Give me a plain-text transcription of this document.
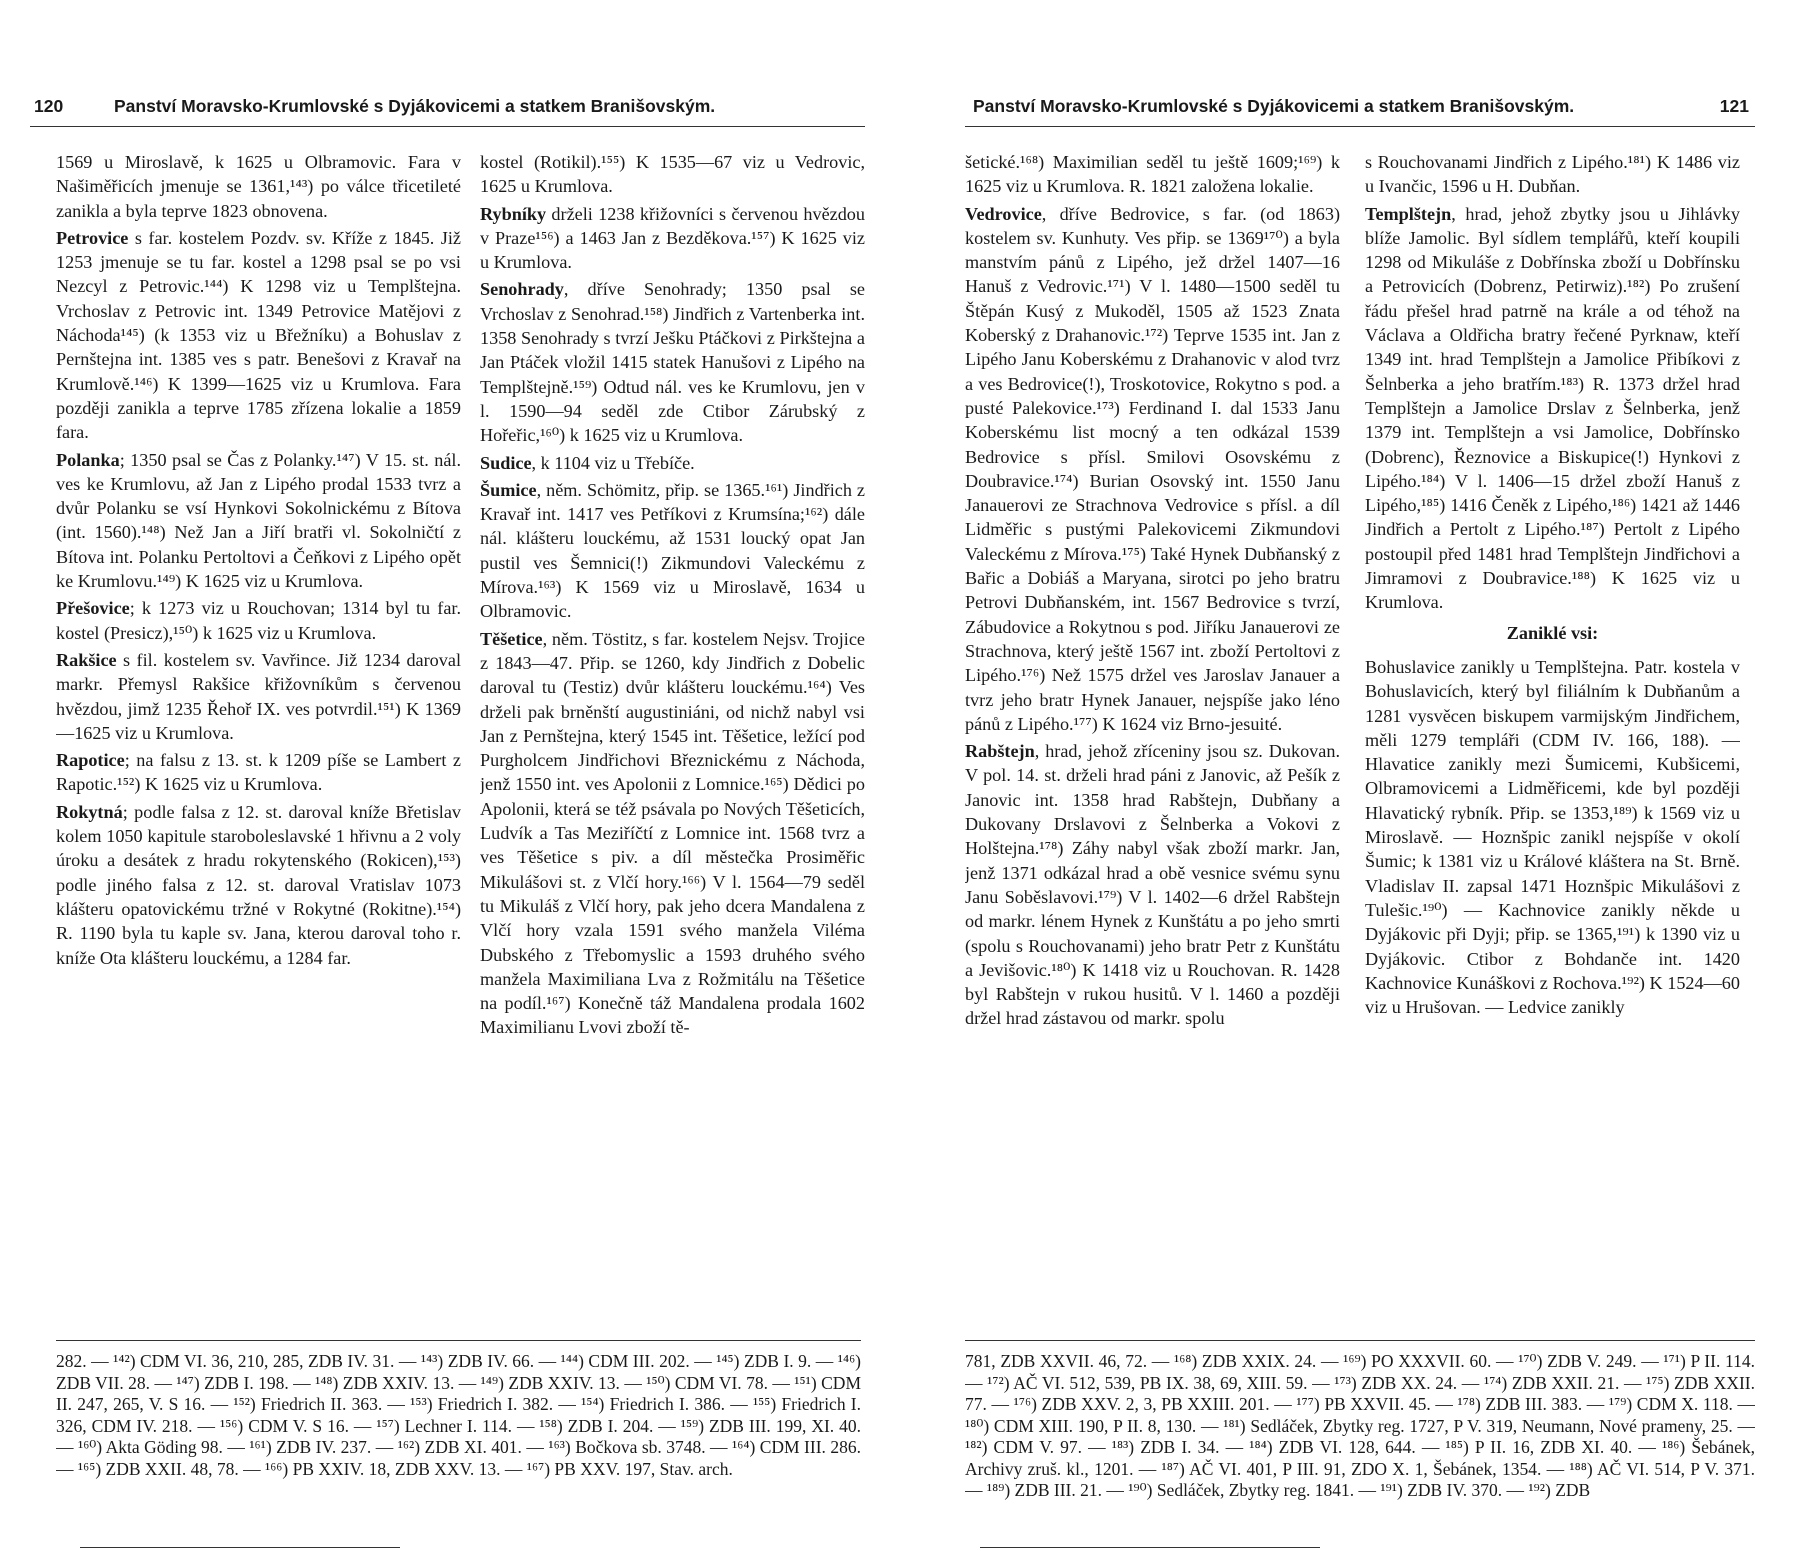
120	Panství Moravsko-Krumlovské s Dyjákovicemi a statkem Branišovským.

1569 u Miroslavě, k 1625 u Olbramovic. Fara v Našiměřicích jmenuje se 1361,¹⁴³) po válce třicetileté zanikla a byla teprve 1823 obnovena.

Petrovice s far. kostelem Pozdv. sv. Kříže z 1845. Již 1253 jmenuje se tu far. kostel a 1298 psal se po vsi Nezcyl z Petrovic.¹⁴⁴) K 1298 viz u Templštejna. Vrchoslav z Petrovic int. 1349 Petrovice Matějovi z Náchoda¹⁴⁵) (k 1353 viz u Břežníku) a Bohuslav z Pernštejna int. 1385 ves s patr. Benešovi z Kravař na Krumlově.¹⁴⁶) K 1399—1625 viz u Krumlova. Fara později zanikla a teprve 1785 zřízena lokalie a 1859 fara.

Polanka; 1350 psal se Čas z Polanky.¹⁴⁷) V 15. st. nál. ves ke Krumlovu, až Jan z Lipého prodal 1533 tvrz a dvůr Polanku se vsí Hynkovi Sokolnickému z Bítova (int. 1560).¹⁴⁸) Než Jan a Jiří bratři vl. Sokolničtí z Bítova int. Polanku Pertoltovi a Čeňkovi z Lipého opět ke Krumlovu.¹⁴⁹) K 1625 viz u Krumlova.

Přešovice; k 1273 viz u Rouchovan; 1314 byl tu far. kostel (Presicz),¹⁵⁰) k 1625 viz u Krumlova.

Rakšice s fil. kostelem sv. Vavřince. Již 1234 daroval markr. Přemysl Rakšice křižovníkům s červenou hvězdou, jimž 1235 Řehoř IX. ves potvrdil.¹⁵¹) K 1369—1625 viz u Krumlova.

Rapotice; na falsu z 13. st. k 1209 píše se Lambert z Rapotic.¹⁵²) K 1625 viz u Krumlova.

Rokytná; podle falsa z 12. st. daroval kníže Břetislav kolem 1050 kapitule staroboleslavské 1 hřivnu a 2 voly úroku a desátek z hradu rokytenského (Rokicen),¹⁵³) podle jiného falsa z 12. st. daroval Vratislav 1073 klášteru opatovickému tržné v Rokytné (Rokitne).¹⁵⁴) R. 1190 byla tu kaple sv. Jana, kterou daroval toho r. kníže Ota klášteru louckému, a 1284 far.

kostel (Rotikil).¹⁵⁵) K 1535—67 viz u Vedrovic, 1625 u Krumlova.

Rybníky drželi 1238 křižovníci s červenou hvězdou v Praze¹⁵⁶) a 1463 Jan z Bezděkova.¹⁵⁷) K 1625 viz u Krumlova.

Senohrady, dříve Senohrady; 1350 psal se Vrchoslav z Senohrad.¹⁵⁸) Jindřich z Vartenberka int. 1358 Senohrady s tvrzí Ješku Ptáčkovi z Pirkštejna a Jan Ptáček vložil 1415 statek Hanušovi z Lipého na Templštejně.¹⁵⁹) Odtud nál. ves ke Krumlovu, jen v l. 1590—94 seděl zde Ctibor Zárubský z Hořeřic,¹⁶⁰) k 1625 viz u Krumlova.

Sudice, k 1104 viz u Třebíče.

Šumice, něm. Schömitz, přip. se 1365.¹⁶¹) Jindřich z Kravař int. 1417 ves Petříkovi z Krumsína;¹⁶²) dále nál. klášteru louckému, až 1531 loucký opat Jan pustil ves Šemnici(!) Zikmundovi Valeckému z Mírova.¹⁶³) K 1569 viz u Miroslavě, 1634 u Olbramovic.

Těšetice, něm. Töstitz, s far. kostelem Nejsv. Trojice z 1843—47. Přip. se 1260, kdy Jindřich z Dobelic daroval tu (Testiz) dvůr klášteru louckému.¹⁶⁴) Ves drželi pak brněnští augustiniáni, od nichž nabyl vsi Jan z Pernštejna, který 1545 int. Těšetice, ležící pod Purgholcem Jindřichovi Březnickému z Náchoda, jenž 1550 int. ves Apolonii z Lomnice.¹⁶⁵) Dědici po Apolonii, která se též psávala po Nových Těšeticích, Ludvík a Tas Meziříčtí z Lomnice int. 1568 tvrz a ves Těšetice s piv. a díl městečka Prosiměřic Mikulášovi st. z Vlčí hory.¹⁶⁶) V l. 1564—79 seděl tu Mikuláš z Vlčí hory, pak jeho dcera Mandalena z Vlčí hory vzala 1591 svého manžela Viléma Dubského z Třebomyslic a 1593 druhého svého manžela Maximiliana Lva z Rožmitálu na Těšetice na podíl.¹⁶⁷) Konečně táž Mandalena prodala 1602 Maximilianu Lvovi zboží tě-

Panství Moravsko-Krumlovské s Dyjákovicemi a statkem Branišovským.	121

šetické.¹⁶⁸) Maximilian seděl tu ještě 1609;¹⁶⁹) k 1625 viz u Krumlova. R. 1821 založena lokalie.

Vedrovice, dříve Bedrovice, s far. (od 1863) kostelem sv. Kunhuty. Ves přip. se 1369¹⁷⁰) a byla manstvím pánů z Lipého, jež držel 1407—16 Hanuš z Vedrovic.¹⁷¹) V l. 1480—1500 seděl tu Štěpán Kusý z Mukoděl, 1505 až 1523 Znata Koberský z Drahanovic.¹⁷²) Teprve 1535 int. Jan z Lipého Janu Koberskému z Drahanovic v alod tvrz a ves Bedrovice(!), Troskotovice, Rokytno s pod. a pusté Palekovice.¹⁷³) Ferdinand I. dal 1533 Janu Koberskému list mocný a ten odkázal 1539 Bedrovice s přísl. Smilovi Osovskému z Doubravice.¹⁷⁴) Burian Osovský int. 1550 Janu Janauerovi ze Strachnova Vedrovice s přísl. a díl Lidměřic s pustými Palekovicemi Zikmundovi Valeckému z Mírova.¹⁷⁵) Také Hynek Dubňanský z Bařic a Dobiáš a Maryana, sirotci po jeho bratru Petrovi Dubňanském, int. 1567 Bedrovice s tvrzí, Zábudovice a Rokytnou s pod. Jiříku Janauerovi ze Strachnova, který ještě 1567 int. zboží Pertoltovi z Lipého.¹⁷⁶) Než 1575 držel ves Jaroslav Janauer a tvrz jeho bratr Hynek Janauer, nejspíše jako léno pánů z Lipého.¹⁷⁷) K 1624 viz Brno-jesuité.

Rabštejn, hrad, jehož zříceniny jsou sz. Dukovan. V pol. 14. st. drželi hrad páni z Janovic, až Pešík z Janovic int. 1358 hrad Rabštejn, Dubňany a Dukovany Drslavovi z Šelnberka a Vokovi z Holštejna.¹⁷⁸) Záhy nabyl však zboží markr. Jan, jenž 1371 odkázal hrad a obě vesnice svému synu Janu Soběslavovi.¹⁷⁹) V l. 1402—6 držel Rabštejn od markr. lénem Hynek z Kunštátu a po jeho smrti (spolu s Rouchovanami) jeho bratr Petr z Kunštátu a Jevišovic.¹⁸⁰) K 1418 viz u Rouchovan. R. 1428 byl Rabštejn v rukou husitů. V l. 1460 a později držel hrad zástavou od markr. spolu

s Rouchovanami Jindřich z Lipého.¹⁸¹) K 1486 viz u Ivančic, 1596 u H. Dubňan.

Templštejn, hrad, jehož zbytky jsou u Jihlávky blíže Jamolic. Byl sídlem templářů, kteří koupili 1298 od Mikuláše z Dobřínska zboží u Dobřínsku a Petrovicích (Dobrenz, Petirwiz).¹⁸²) Po zrušení řádu přešel hrad patrně na krále a od téhož na Václava a Oldřicha bratry řečené Pyrknaw, kteří 1349 int. hrad Templštejn a Jamolice Přibíkovi z Šelnberka a jeho bratřím.¹⁸³) R. 1373 držel hrad Templštejn a Jamolice Drslav z Šelnberka, jenž 1379 int. Templštejn a vsi Jamolice, Dobřínsko (Dobrenc), Řeznovice a Biskupice(!) Hynkovi z Lipého.¹⁸⁴) V l. 1406—15 držel zboží Hanuš z Lipého,¹⁸⁵) 1416 Čeněk z Lipého,¹⁸⁶) 1421 až 1446 Jindřich a Pertolt z Lipého.¹⁸⁷) Pertolt z Lipého postoupil před 1481 hrad Templštejn Jindřichovi a Jimramovi z Doubravice.¹⁸⁸) K 1625 viz u Krumlova.

Zaniklé vsi:

Bohuslavice zanikly u Templštejna. Patr. kostela v Bohuslavicích, který byl filiálním k Dubňanům a 1281 vysvěcen biskupem varmijským Jindřichem, měli 1279 templáři (CDM IV. 166, 188). — Hlavatice zanikly mezi Šumicemi, Kubšicemi, Olbramovicemi a Lidměřicemi, kde byl později Hlavatický rybník. Přip. se 1353,¹⁸⁹) k 1569 viz u Miroslavě. — Hoznšpic zanikl nejspíše v okolí Šumic; k 1381 viz u Králové kláštera na St. Brně. Vladislav II. zapsal 1471 Hoznšpic Mikulášovi z Tulešic.¹⁹⁰) — Kachnovice zanikly někde u Dyjákovic při Dyji; přip. se 1365,¹⁹¹) k 1390 viz u Dyjákovic. Ctibor z Bohdanče int. 1420 Kachnovice Kunáškovi z Rochova.¹⁹²) K 1524—60 viz u Hrušovan. — Ledvice zanikly

282. — ¹⁴²) CDM VI. 36, 210, 285, ZDB IV. 31. — ¹⁴³) ZDB IV. 66. — ¹⁴⁴) CDM III. 202. — ¹⁴⁵) ZDB I. 9. — ¹⁴⁶) ZDB VII. 28. — ¹⁴⁷) ZDB I. 198. — ¹⁴⁸) ZDB XXIV. 13. — ¹⁴⁹) ZDB XXIV. 13. — ¹⁵⁰) CDM VI. 78. — ¹⁵¹) CDM II. 247, 265, V. S 16. — ¹⁵²) Friedrich II. 363. — ¹⁵³) Friedrich I. 382. — ¹⁵⁴) Friedrich I. 386. — ¹⁵⁵) Friedrich I. 326, CDM IV. 218. — ¹⁵⁶) CDM V. S 16. — ¹⁵⁷) Lechner I. 114. — ¹⁵⁸) ZDB I. 204. — ¹⁵⁹) ZDB III. 199, XI. 40. — ¹⁶⁰) Akta Göding 98. — ¹⁶¹) ZDB IV. 237. — ¹⁶²) ZDB XI. 401. — ¹⁶³) Bočkova sb. 3748. — ¹⁶⁴) CDM III. 286. — ¹⁶⁵) ZDB XXII. 48, 78. — ¹⁶⁶) PB XXIV. 18, ZDB XXV. 13. — ¹⁶⁷) PB XXV. 197, Stav. arch.
781, ZDB XXVII. 46, 72. — ¹⁶⁸) ZDB XXIX. 24. — ¹⁶⁹) PO XXXVII. 60. — ¹⁷⁰) ZDB V. 249. — ¹⁷¹) P II. 114. — ¹⁷²) AČ VI. 512, 539, PB IX. 38, 69, XIII. 59. — ¹⁷³) ZDB XX. 24. — ¹⁷⁴) ZDB XXII. 21. — ¹⁷⁵) ZDB XXII. 77. — ¹⁷⁶) ZDB XXV. 2, 3, PB XXIII. 201. — ¹⁷⁷) PB XXVII. 45. — ¹⁷⁸) ZDB III. 383. — ¹⁷⁹) CDM X. 118. — ¹⁸⁰) CDM XIII. 190, P II. 8, 130. — ¹⁸¹) Sedláček, Zbytky reg. 1727, P V. 319, Neumann, Nové prameny, 25. — ¹⁸²) CDM V. 97. — ¹⁸³) ZDB I. 34. — ¹⁸⁴) ZDB VI. 128, 644. — ¹⁸⁵) P II. 16, ZDB XI. 40. — ¹⁸⁶) Šebánek, Archivy zruš. kl., 1201. — ¹⁸⁷) AČ VI. 401, P III. 91, ZDO X. 1, Šebánek, 1354. — ¹⁸⁸) AČ VI. 514, P V. 371. — ¹⁸⁹) ZDB III. 21. — ¹⁹⁰) Sedláček, Zbytky reg. 1841. — ¹⁹¹) ZDB IV. 370. — ¹⁹²) ZDB
